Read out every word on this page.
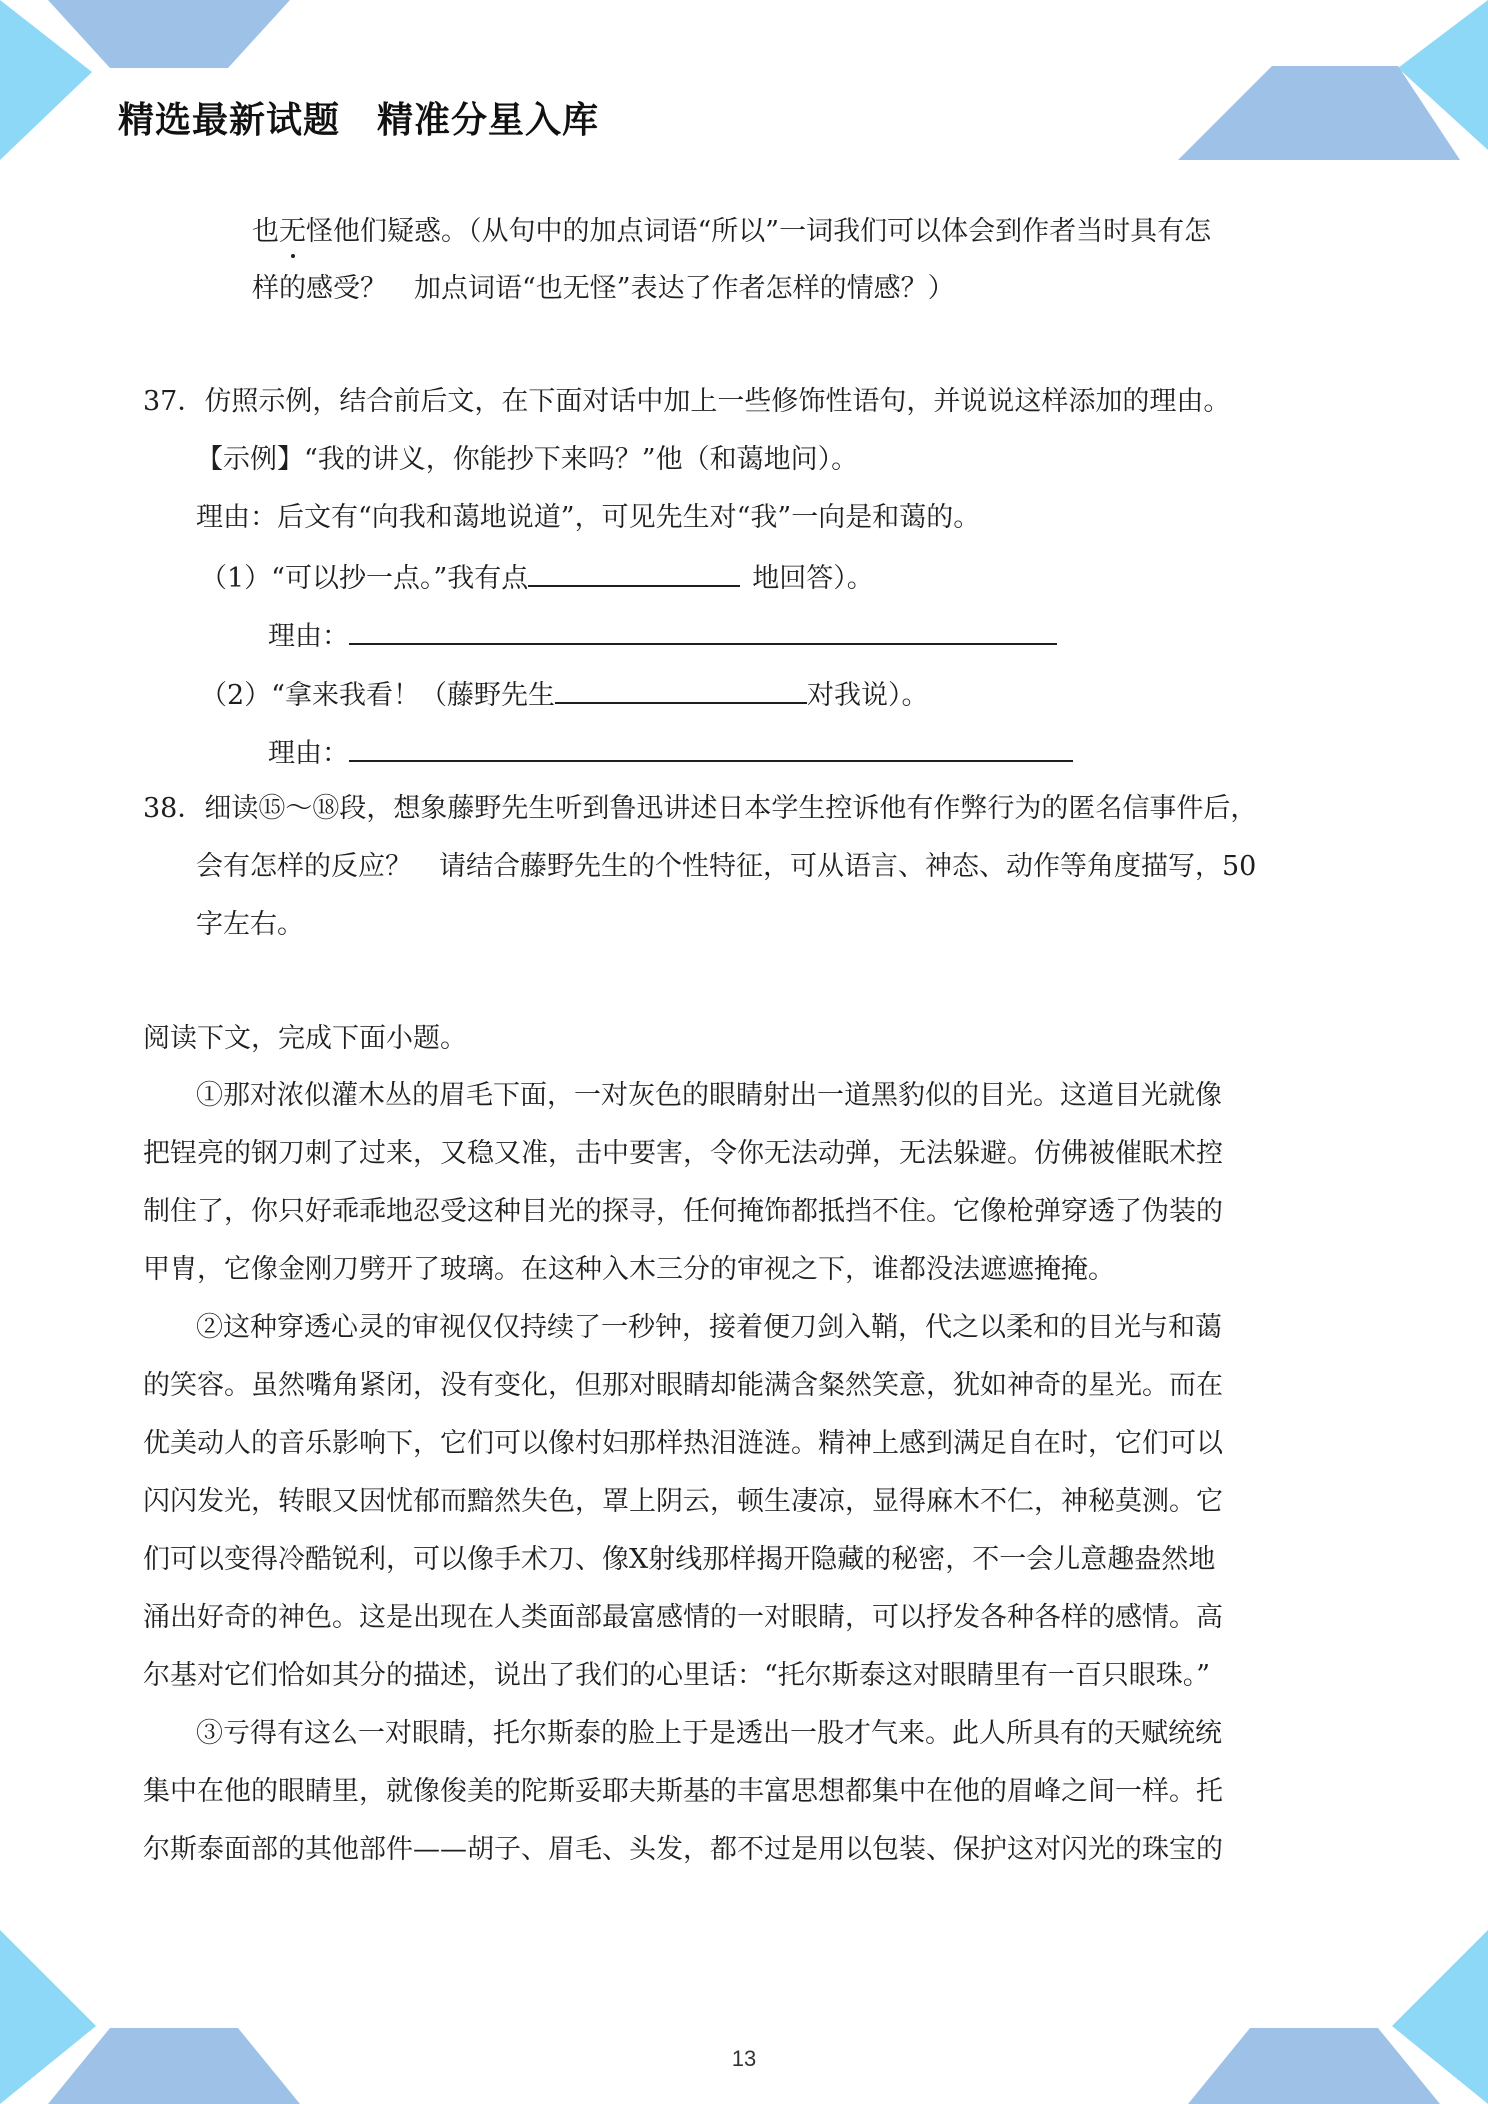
精选最新试题　精准分星入库
也无怪他们疑惑。（从句中的加点词语“所以”一词我们可以体会到作者当时具有怎
样的感受？　加点词语“也无怪”表达了作者怎样的情感？）
37．仿照示例，结合前后文，在下面对话中加上一些修饰性语句，并说说这样添加的理由。
【示例】“我的讲义，你能抄下来吗？”他（和蔼地问）。
理由：后文有“向我和蔼地说道”，可见先生对“我”一向是和蔼的。
（1）“可以抄一点。”我有点	地回答）。
理由：
（2）“拿来我看！（藤野先生	对我说）。
理由：
38．细读⑮～⑱段，想象藤野先生听到鲁迅讲述日本学生控诉他有作弊行为的匿名信事件后，
会有怎样的反应？　请结合藤野先生的个性特征，可从语言、神态、动作等角度描写，50
字左右。
阅读下文，完成下面小题。
①那对浓似灌木丛的眉毛下面，一对灰色的眼睛射出一道黑豹似的目光。这道目光就像
把锃亮的钢刀刺了过来，又稳又准，击中要害，令你无法动弹，无法躲避。仿佛被催眠术控
制住了，你只好乖乖地忍受这种目光的探寻，任何掩饰都抵挡不住。它像枪弹穿透了伪装的
甲胄，它像金刚刀劈开了玻璃。在这种入木三分的审视之下，谁都没法遮遮掩掩。
②这种穿透心灵的审视仅仅持续了一秒钟，接着便刀剑入鞘，代之以柔和的目光与和蔼
的笑容。虽然嘴角紧闭，没有变化，但那对眼睛却能满含粲然笑意，犹如神奇的星光。而在
优美动人的音乐影响下，它们可以像村妇那样热泪涟涟。精神上感到满足自在时，它们可以
闪闪发光，转眼又因忧郁而黯然失色，罩上阴云，顿生凄凉，显得麻木不仁，神秘莫测。它
们可以变得冷酷锐利，可以像手术刀、像X射线那样揭开隐藏的秘密，不一会儿意趣盎然地
涌出好奇的神色。这是出现在人类面部最富感情的一对眼睛，可以抒发各种各样的感情。高
尔基对它们恰如其分的描述，说出了我们的心里话：“托尔斯泰这对眼睛里有一百只眼珠。”
③亏得有这么一对眼睛，托尔斯泰的脸上于是透出一股才气来。此人所具有的天赋统统
集中在他的眼睛里，就像俊美的陀斯妥耶夫斯基的丰富思想都集中在他的眉峰之间一样。托
尔斯泰面部的其他部件——胡子、眉毛、头发，都不过是用以包装、保护这对闪光的珠宝的
13
